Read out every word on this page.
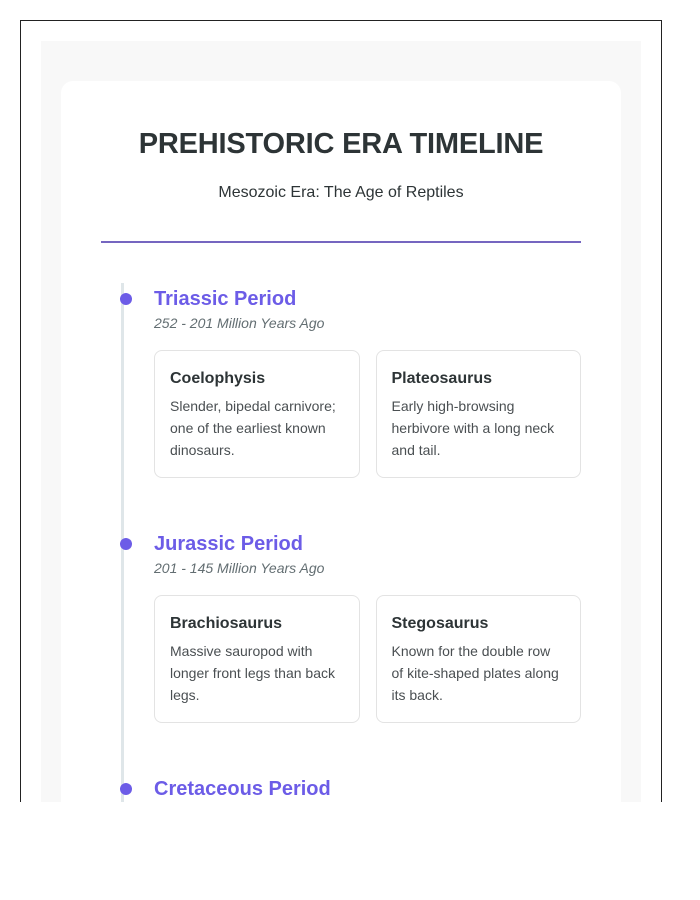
PREHISTORIC ERA TIMELINE

Mesozoic Era: The Age of Reptiles

Triassic Period
252 - 201 Million Years Ago
Coelophysis

Slender, bipedal carnivore; one of the earliest known dinosaurs.

Plateosaurus

Early high-browsing herbivore with a long neck and tail.

Jurassic Period
201 - 145 Million Years Ago
Brachiosaurus

Massive sauropod with longer front legs than back legs.

Stegosaurus

Known for the double row of kite-shaped plates along its back.

Cretaceous Period
